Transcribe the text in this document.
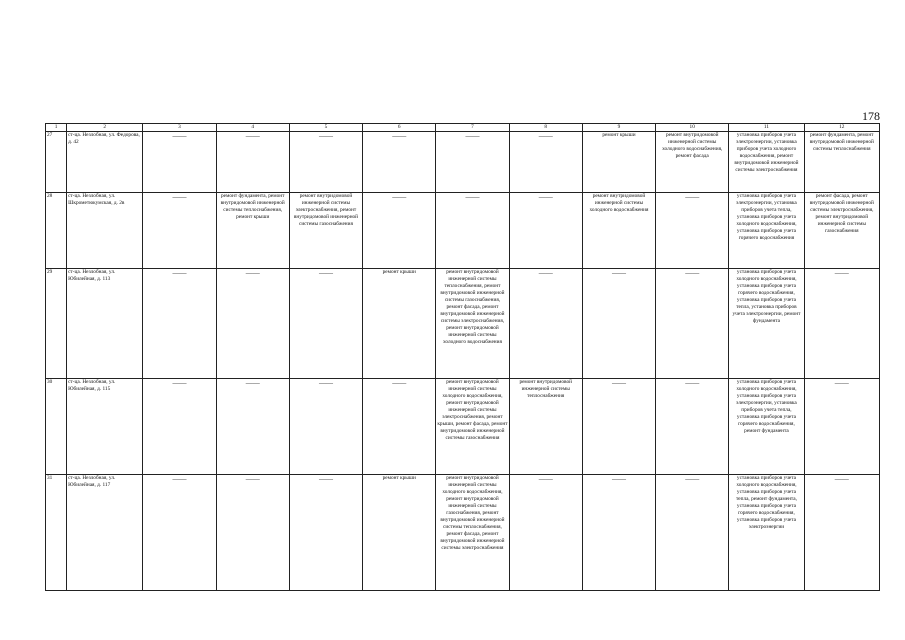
178
1	2	3	4	5	6	7	8	9	10	11	12
27	ст-ца. Незлобная, ул. Федорова, д. 42	——	——	——	——	——	——	ремонт крыши	ремонт внутридомовой инженерной системы холодного водоснабжения, ремонт фасада	установка приборов учета электроэнергии, установка приборов учета холодного водоснабжения, ремонт внутридомовой инженерной системы электроснабжения	ремонт фундамента, ремонт внутридомовой инженерной системы теплоснабжения
28	ст-ца. Незлобная, ул. Шкрометюкумская, д. 2в	——	ремонт фундамента, ремонт внутридомовой инженерной системы теплоснабжения, ремонт крыши	ремонт внутридомовой инженерной системы электроснабжения, ремонт внутридомовой инженерной системы газоснабжения	——	——	——	ремонт внутридомовой инженерной системы холодного водоснабжения	——	установка приборов учета электроэнергии, установка приборов учета тепла, установка приборов учета холодного водоснабжения, установка приборов учета горячего водоснабжения	ремонт фасада, ремонт внутридомовой инженерной системы электроснабжения, ремонт внутридомовой инженерной системы газоснабжения
29	ст-ца. Незлобная, ул. Юбилейная, д. 113	——	——	——	ремонт крыши	ремонт внутридомовой инженерной системы теплоснабжения, ремонт внутридомовой инженерной системы газоснабжения, ремонт фасада, ремонт внутридомовой инженерной системы электроснабжения, ремонт внутридомовой инженерной системы холодного водоснабжения	——	——	——	установка приборов учета холодного водоснабжения, установка приборов учета горячего водоснабжения, установка приборов учета тепла, установка приборов учета электроэнергии, ремонт фундамента	——

30	ст-ца. Незлобная, ул. Юбилейная, д. 115	——	——	——	——	ремонт внутридомовой инженерной системы холодного водоснабжения, ремонт внутридомовой инженерной системы электроснабжения, ремонт крыши, ремонт фасада, ремонт внутридомовой инженерной системы газоснабжения	ремонт внутридомовой инженерной системы теплоснабжения	——	——	установка приборов учета холодного водоснабжения, установка приборов учета электроэнергии, установка приборов учета тепла, установка приборов учета горячего водоснабжения, ремонт фундамента	——

31	ст-ца. Незлобная, ул. Юбилейная, д. 117	——	——	——	ремонт крыши	ремонт внутридомовой инженерной системы холодного водоснабжения, ремонт внутридомовой инженерной системы газоснабжения, ремонт внутридомовой инженерной системы теплоснабжения, ремонт фасада, ремонт внутридомовой инженерной системы электроснабжения	——	——	——	установка приборов учета холодного водоснабжения, установка приборов учета тепла, ремонт фундамента, установка приборов учета горячего водоснабжения, установка приборов учета электроэнергии	——
